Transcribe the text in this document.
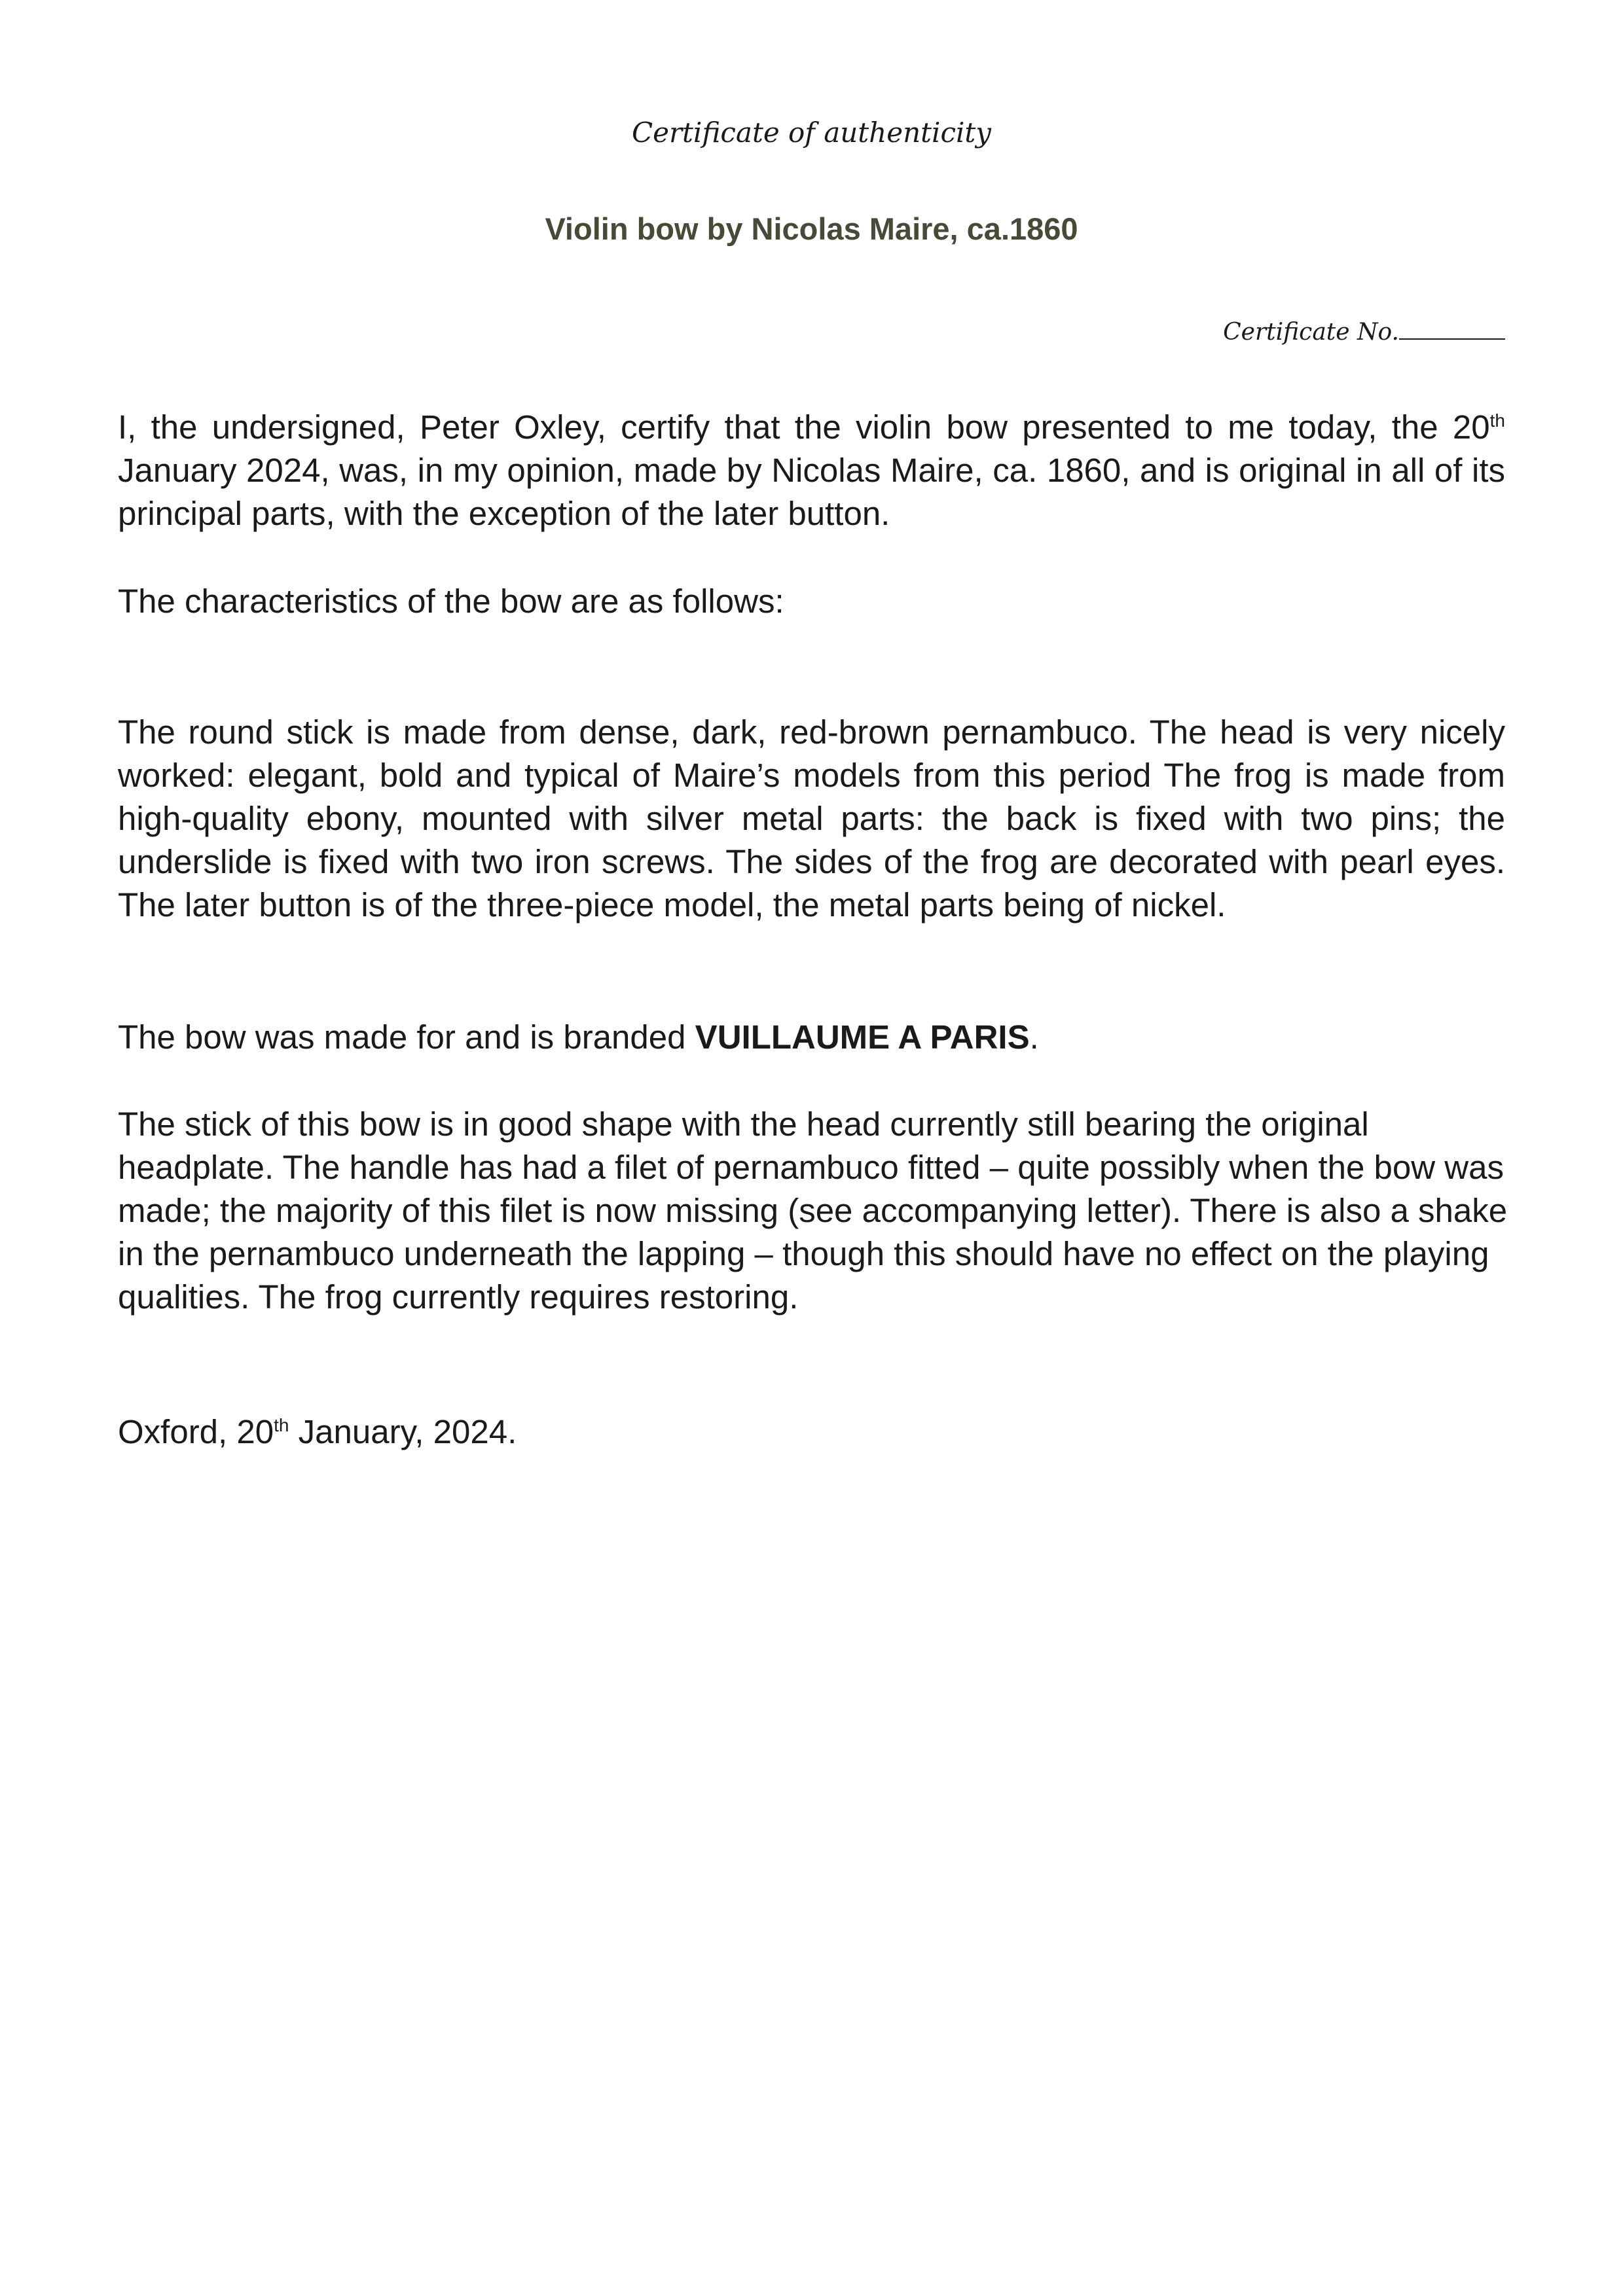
Certificate of authenticity
Violin bow by Nicolas Maire, ca.1860
Certificate No.

I, the undersigned, Peter Oxley, certify that the violin bow presented to me today, the 20th January 2024, was, in my opinion, made by Nicolas Maire, ca. 1860, and is original in all of its principal parts, with the exception of the later button.

The characteristics of the bow are as follows:

The round stick is made from dense, dark, red-brown pernambuco. The head is very nicely worked: elegant, bold and typical of Maire’s models from this period The frog is made from high-quality ebony, mounted with silver metal parts: the back is fixed with two pins; the underslide is fixed with two iron screws. The sides of the frog are decorated with pearl eyes. The later button is of the three-piece model, the metal parts being of nickel.

The bow was made for and is branded VUILLAUME A PARIS.

The stick of this bow is in good shape with the head currently still bearing the original headplate. The handle has had a filet of pernambuco fitted – quite possibly when the bow was made; the majority of this filet is now missing (see accompanying letter). There is also a shake in the pernambuco underneath the lapping – though this should have no effect on the playing qualities. The frog currently requires restoring.

Oxford, 20th January, 2024.
